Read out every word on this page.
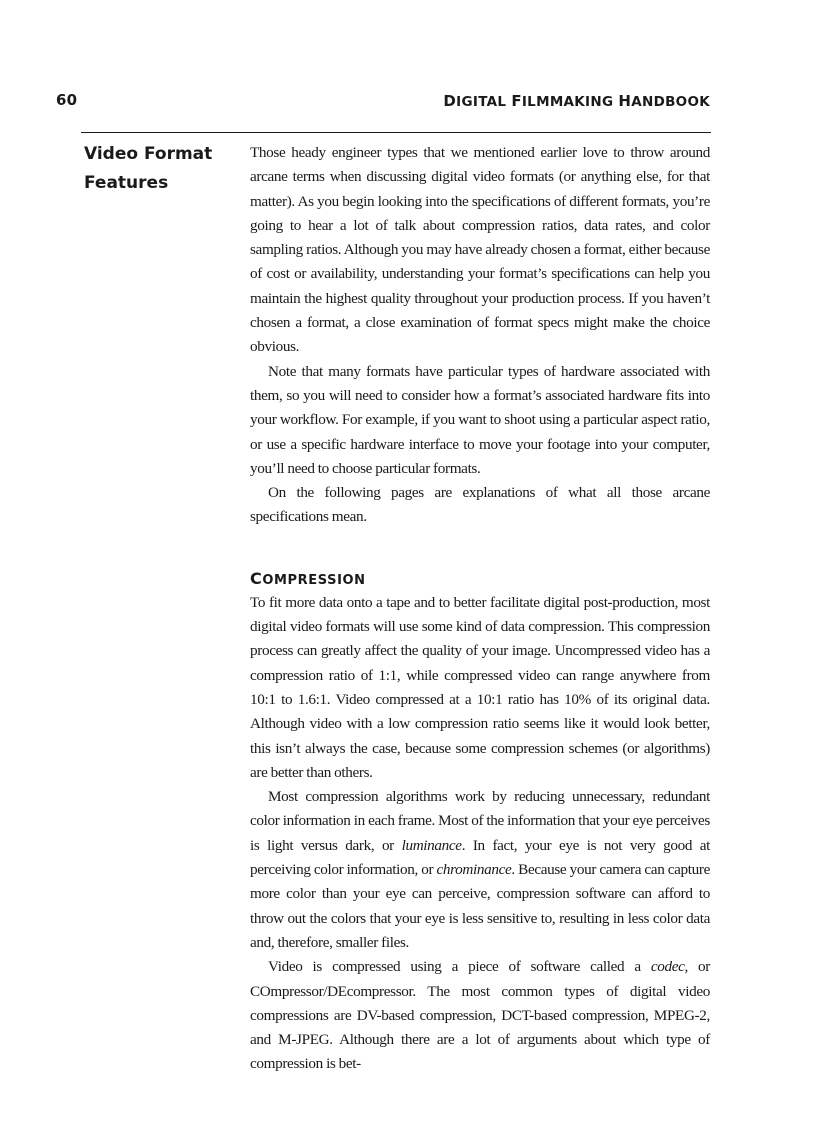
60	DIGITAL FILMMAKING HANDBOOK
Video Format
Features

Those heady engineer types that we mentioned earlier love to throw around arcane terms when discussing digital video formats (or anything else, for that matter). As you begin looking into the specifications of different formats, you’re going to hear a lot of talk about compression ratios, data rates, and color sampling ratios. Although you may have already chosen a format, either because of cost or availability, understanding your format’s specifications can help you maintain the highest quality throughout your production process. If you haven’t chosen a format, a close examination of format specs might make the choice obvious.

Note that many formats have particular types of hardware associated with them, so you will need to consider how a format’s associated hardware fits into your workflow. For example, if you want to shoot using a particular aspect ratio, or use a specific hardware interface to move your footage into your computer, you’ll need to choose particular formats.

On the following pages are explanations of what all those arcane specifications mean.

COMPRESSION

To fit more data onto a tape and to better facilitate digital post-production, most digital video formats will use some kind of data compression. This compression process can greatly affect the quality of your image. Uncompressed video has a compression ratio of 1:1, while compressed video can range anywhere from 10:1 to 1.6:1. Video compressed at a 10:1 ratio has 10% of its original data. Although video with a low compression ratio seems like it would look better, this isn’t always the case, because some compression schemes (or algorithms) are better than others.

Most compression algorithms work by reducing unnecessary, redundant color information in each frame. Most of the information that your eye perceives is light versus dark, or luminance. In fact, your eye is not very good at perceiving color information, or chrominance. Because your camera can capture more color than your eye can perceive, compression software can afford to throw out the colors that your eye is less sensitive to, resulting in less color data and, therefore, smaller files.

Video is compressed using a piece of software called a codec, or COmpressor/DEcompressor. The most common types of digital video compressions are DV-based compression, DCT-based compression, MPEG-2, and M-JPEG. Although there are a lot of arguments about which type of compression is bet-
